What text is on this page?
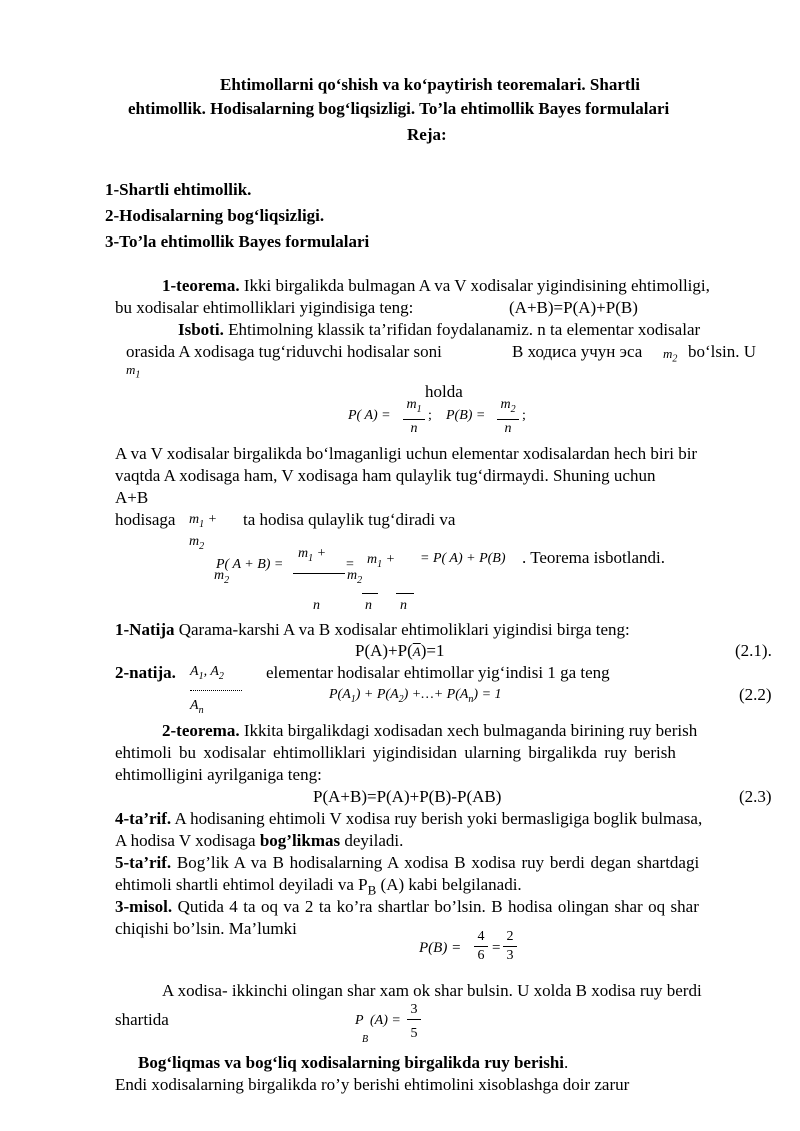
Ehtimollarni qo‘shish va ko‘paytirish teoremalari. Shartli
ehtimollik. Hodisalarning bog‘liqsizligi. To’la ehtimollik Bayes formulalari
Reja:
1-Shartli ehtimollik.
2-Hodisalarning bog‘liqsizligi.
3-To’la ehtimollik Bayes formulalari
1-teorema. Ikki birgalikda bulmagan A va V xodisalar yigindisining ehtimolligi,
bu xodisalar ehtimolliklari yigindisiga teng:	(A+B)=P(A)+P(B)
Isboti. Ehtimolning klassik ta’rifidan foydalanamiz. n ta elementar xodisalar
orasida A xodisaga tug‘riduvchi hodisalar soni	В ходиса учун эса $m_2$ bo‘lsin. U
$m_1$
holda
P( A) =
$m_1$
n
; P(B) =
$m_2$
n
;
A va V xodisalar birgalikda bo‘lmaganligi uchun elementar xodisalardan hech biri bir
vaqtda A xodisaga ham, V xodisaga ham qulaylik tug‘dirmaydi. Shuning uchun
A+B
hodisaga $m_1$ +
$m_2$
ta hodisa qulaylik tug‘diradi va
P( A + B) =
$m_1$ +
$m_2$
= $m_1$ +
$m_2$
n	n n
= P( A) + P(B) . Teorema isbotlandi.
1-Natija Qarama-karshi A va B xodisalar ehtimoliklari yigindisi birga teng:
$P(A)+P(\overline{A})=1$	(2.1).
2-natija. $A_1$, $A_2$ elementar hodisalar ehtimollar yig‘indisi 1 ga teng
$A_n$
$P(A_1) + P(A_2)$ +…+ $P(A_n) = 1$	(2.2)
2-teorema. Ikkita birgalikdagi xodisadan xech bulmaganda birining ruy berish
ehtimoli bu xodisalar ehtimolliklari yigindisidan ularning birgalikda ruy berish
ehtimolligini ayrilganiga teng:
P(A+B)=P(A)+P(B)-P(AB)	(2.3)
4-ta’rif. A hodisaning ehtimoli V xodisa ruy berish yoki bermasligiga boglik bulmasa,
A hodisa V xodisaga bog’likmas deyiladi.
5-ta’rif. Bog’lik A va B hodisalarning A xodisa B xodisa ruy berdi degan shartdagi
ehtimoli shartli ehtimol deyiladi va $P_B$ (A) kabi belgilanadi.
3-misol. Qutida 4 ta oq va 2 ta ko’ra shartlar bo’lsin. B hodisa olingan shar oq shar
chiqishi bo’lsin. Ma’lumki
P(B) =
4
6 =
2
3
A xodisa- ikkinchi olingan shar xam ok shar bulsin. U xolda B xodisa ruy berdi
shartida	P
B
(A) =
3
5
Bog‘liqmas va bog‘liq xodisalarning birgalikda ruy berishi.
Endi xodisalarning birgalikda ro’y berishi ehtimolini xisoblashga doir zarur
